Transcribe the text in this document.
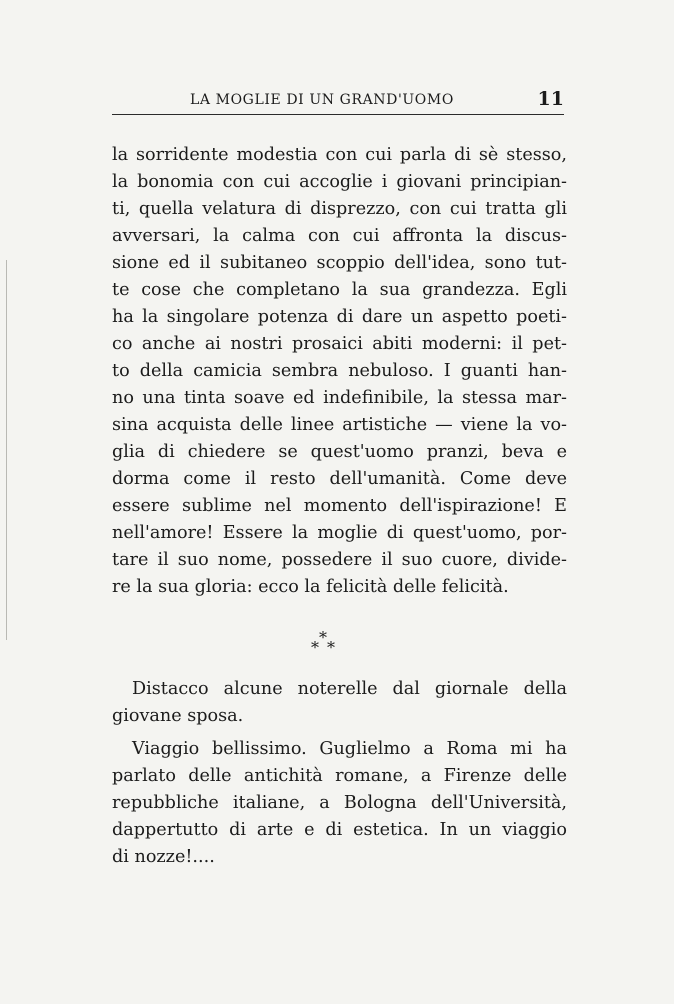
LA MOGLIE DI UN GRAND'UOMO	11
la sorridente modestia con cui parla di sè stesso,
la bonomia con cui accoglie i giovani principian-
ti, quella velatura di disprezzo, con cui tratta gli
avversari, la calma con cui affronta la discus-
sione ed il subitaneo scoppio dell'idea, sono tut-
te cose che completano la sua grandezza. Egli
ha la singolare potenza di dare un aspetto poeti-
co anche ai nostri prosaici abiti moderni: il pet-
to della camicia sembra nebuloso. I guanti han-
no una tinta soave ed indefinibile, la stessa mar-
sina acquista delle linee artistiche — viene la vo-
glia di chiedere se quest'uomo pranzi, beva e
dorma come il resto dell'umanità. Come deve
essere sublime nel momento dell'ispirazione! E
nell'amore! Essere la moglie di quest'uomo, por-
tare il suo nome, possedere il suo cuore, divide-
re la sua gloria: ecco la felicità delle felicità.
*
* *
Distacco alcune noterelle dal giornale della
giovane sposa.
Viaggio bellissimo. Guglielmo a Roma mi ha
parlato delle antichità romane, a Firenze delle
repubbliche italiane, a Bologna dell'Università,
dappertutto di arte e di estetica. In un viaggio
di nozze!....
